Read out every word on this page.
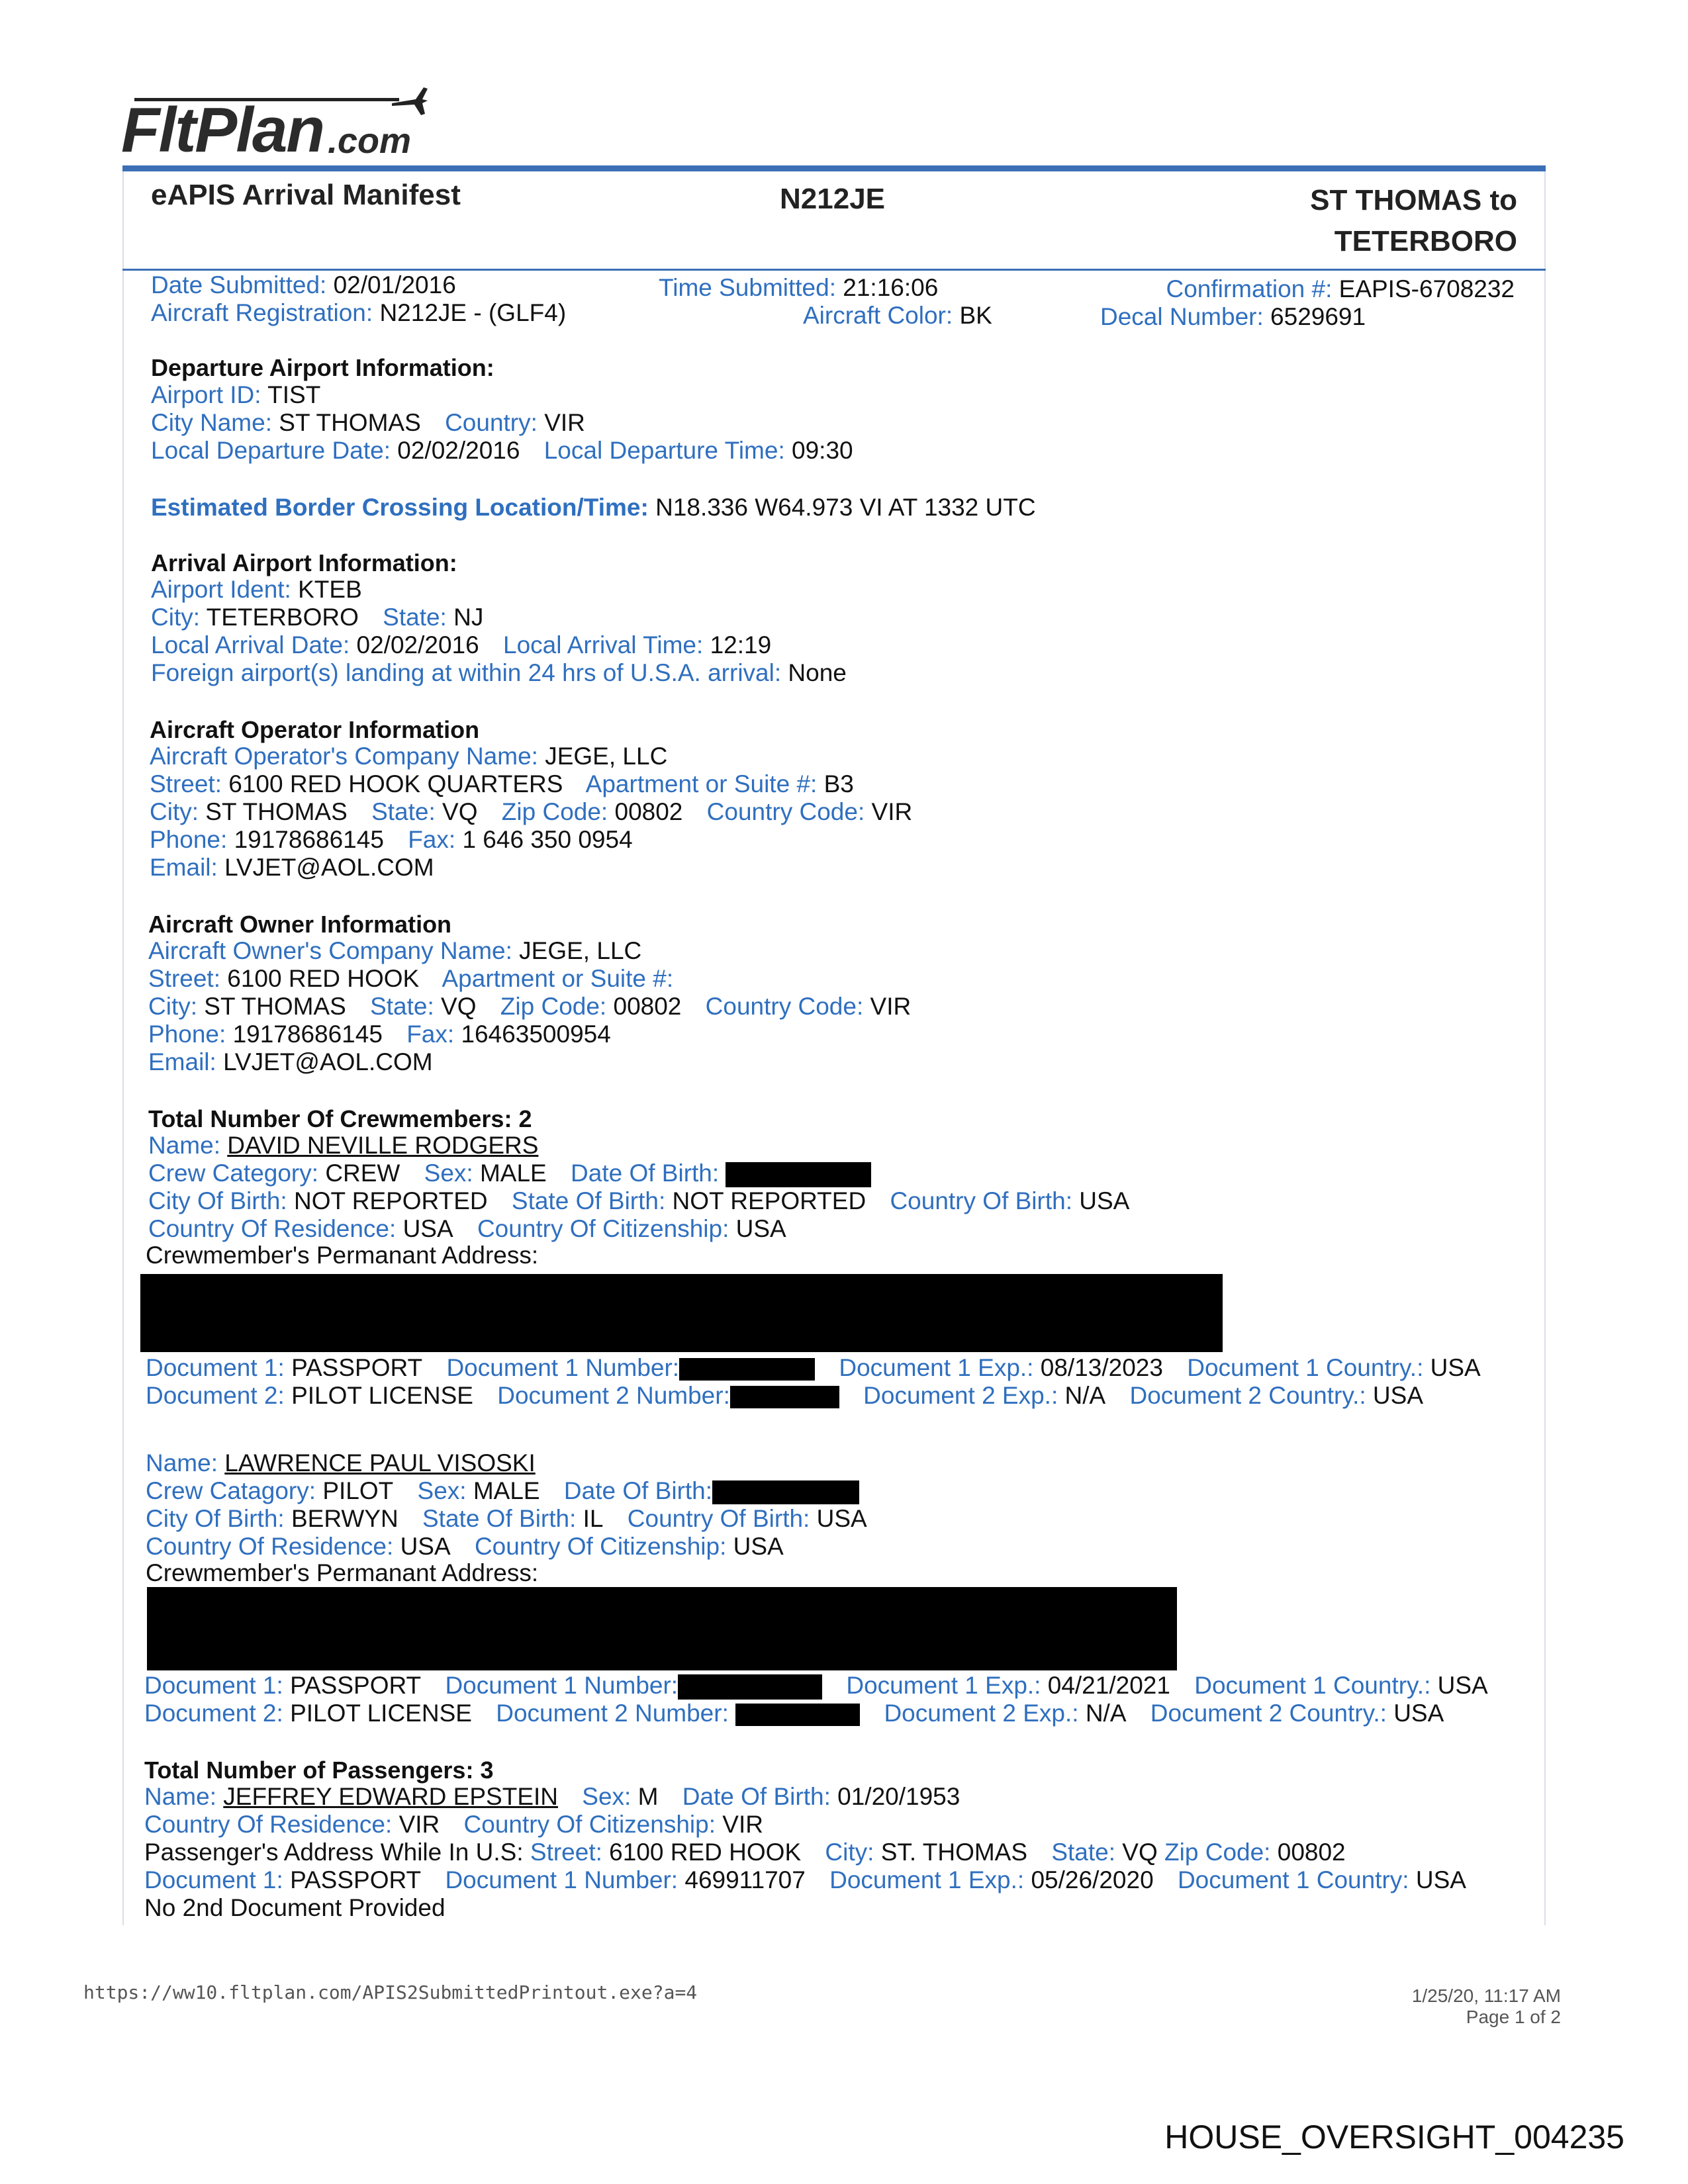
FltPlan .com
eAPIS Arrival Manifest	N212JE	ST THOMAS to
TETERBORO
Date Submitted: 02/01/2016	Time Submitted: 21:16:06	Confirmation #: EAPIS-6708232
Aircraft Registration: N212JE - (GLF4)	Aircraft Color: BK	Decal Number: 6529691
Departure Airport Information:
Airport ID: TIST
City Name: ST THOMAS Country: VIR
Local Departure Date: 02/02/2016 Local Departure Time: 09:30
Estimated Border Crossing Location/Time: N18.336 W64.973 VI AT 1332 UTC
Arrival Airport Information:
Airport Ident: KTEB
City: TETERBORO State: NJ
Local Arrival Date: 02/02/2016 Local Arrival Time: 12:19
Foreign airport(s) landing at within 24 hrs of U.S.A. arrival: None
Aircraft Operator Information
Aircraft Operator's Company Name: JEGE, LLC
Street: 6100 RED HOOK QUARTERS Apartment or Suite #: B3
City: ST THOMAS State: VQ Zip Code: 00802 Country Code: VIR
Phone: 19178686145 Fax: 1 646 350 0954
Email: LVJET@AOL.COM
Aircraft Owner Information
Aircraft Owner's Company Name: JEGE, LLC
Street: 6100 RED HOOK Apartment or Suite #:
City: ST THOMAS State: VQ Zip Code: 00802 Country Code: VIR
Phone: 19178686145 Fax: 16463500954
Email: LVJET@AOL.COM
Total Number Of Crewmembers: 2
Name: DAVID NEVILLE RODGERS
Crew Category: CREW Sex: MALE Date Of Birth:
City Of Birth: NOT REPORTED State Of Birth: NOT REPORTED Country Of Birth: USA
Country Of Residence: USA Country Of Citizenship: USA
Crewmember's Permanant Address:
Document 1: PASSPORT Document 1 Number:	Document 1 Exp.: 08/13/2023 Document 1 Country.: USA
Document 2: PILOT LICENSE Document 2 Number:	Document 2 Exp.: N/A Document 2 Country.: USA
Name: LAWRENCE PAUL VISOSKI
Crew Catagory: PILOT Sex: MALE Date Of Birth:
City Of Birth: BERWYN State Of Birth: IL Country Of Birth: USA
Country Of Residence: USA Country Of Citizenship: USA
Crewmember's Permanant Address:
Document 1: PASSPORT Document 1 Number:	Document 1 Exp.: 04/21/2021 Document 1 Country.: USA
Document 2: PILOT LICENSE Document 2 Number:	Document 2 Exp.: N/A Document 2 Country.: USA
Total Number of Passengers: 3
Name: JEFFREY EDWARD EPSTEIN Sex: M Date Of Birth: 01/20/1953
Country Of Residence: VIR Country Of Citizenship: VIR
Passenger's Address While In U.S: Street: 6100 RED HOOK City: ST. THOMAS State: VQ Zip Code: 00802
Document 1: PASSPORT Document 1 Number: 469911707 Document 1 Exp.: 05/26/2020 Document 1 Country: USA
No 2nd Document Provided
https://ww10.fltplan.com/APIS2SubmittedPrintout.exe?a=4	1/25/20, 11:17 AM
Page 1 of 2
HOUSE_OVERSIGHT_004235
